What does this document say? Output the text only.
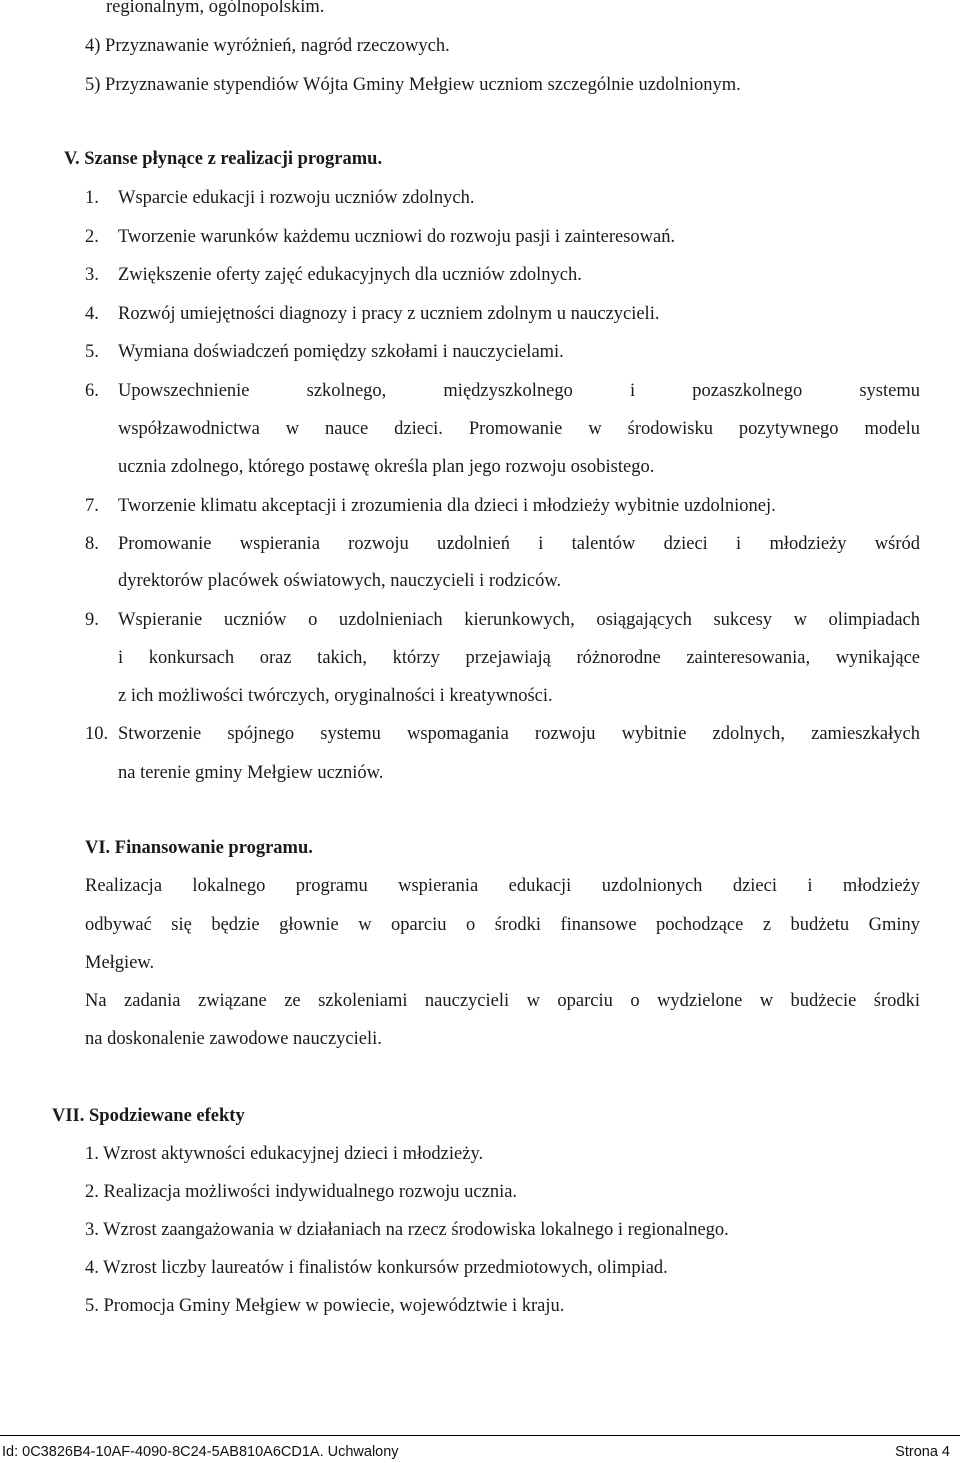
regionalnym, ogólnopolskim.
4) Przyznawanie wyróżnień, nagród rzeczowych.
5) Przyznawanie stypendiów Wójta Gminy Mełgiew uczniom szczególnie uzdolnionym.
V. Szanse płynące z realizacji programu.
1. Wsparcie edukacji i rozwoju uczniów zdolnych.
2. Tworzenie warunków każdemu uczniowi do rozwoju pasji i zainteresowań.
3. Zwiększenie oferty zajęć edukacyjnych dla uczniów zdolnych.
4. Rozwój umiejętności diagnozy i pracy z uczniem zdolnym u nauczycieli.
5. Wymiana doświadczeń pomiędzy szkołami i nauczycielami.
6. Upowszechnienie szkolnego, międzyszkolnego i pozaszkolnego systemu
współzawodnictwa w nauce dzieci. Promowanie w środowisku pozytywnego modelu
ucznia zdolnego, którego postawę określa plan jego rozwoju osobistego.
7. Tworzenie klimatu akceptacji i zrozumienia dla dzieci i młodzieży wybitnie uzdolnionej.
8. Promowanie wspierania rozwoju uzdolnień i talentów dzieci i młodzieży wśród
dyrektorów placówek oświatowych, nauczycieli i rodziców.
9. Wspieranie uczniów o uzdolnieniach kierunkowych, osiągających sukcesy w olimpiadach
i konkursach oraz takich, którzy przejawiają różnorodne zainteresowania, wynikające
z ich możliwości twórczych, oryginalności i kreatywności.
10. Stworzenie spójnego systemu wspomagania rozwoju wybitnie zdolnych, zamieszkałych
na terenie gminy Mełgiew uczniów.
VI. Finansowanie programu.
Realizacja lokalnego programu wspierania edukacji uzdolnionych dzieci i młodzieży
odbywać się będzie głownie w oparciu o środki finansowe pochodzące z budżetu Gminy
Mełgiew.
Na zadania związane ze szkoleniami nauczycieli w oparciu o wydzielone w budżecie środki
na doskonalenie zawodowe nauczycieli.
VII. Spodziewane efekty
1. Wzrost aktywności edukacyjnej dzieci i młodzieży.
2. Realizacja możliwości indywidualnego rozwoju ucznia.
3. Wzrost zaangażowania w działaniach na rzecz środowiska lokalnego i regionalnego.
4. Wzrost liczby laureatów i finalistów konkursów przedmiotowych, olimpiad.
5. Promocja Gminy Mełgiew w powiecie, województwie i kraju.
Id: 0C3826B4-10AF-4090-8C24-5AB810A6CD1A. Uchwalony	Strona 4
